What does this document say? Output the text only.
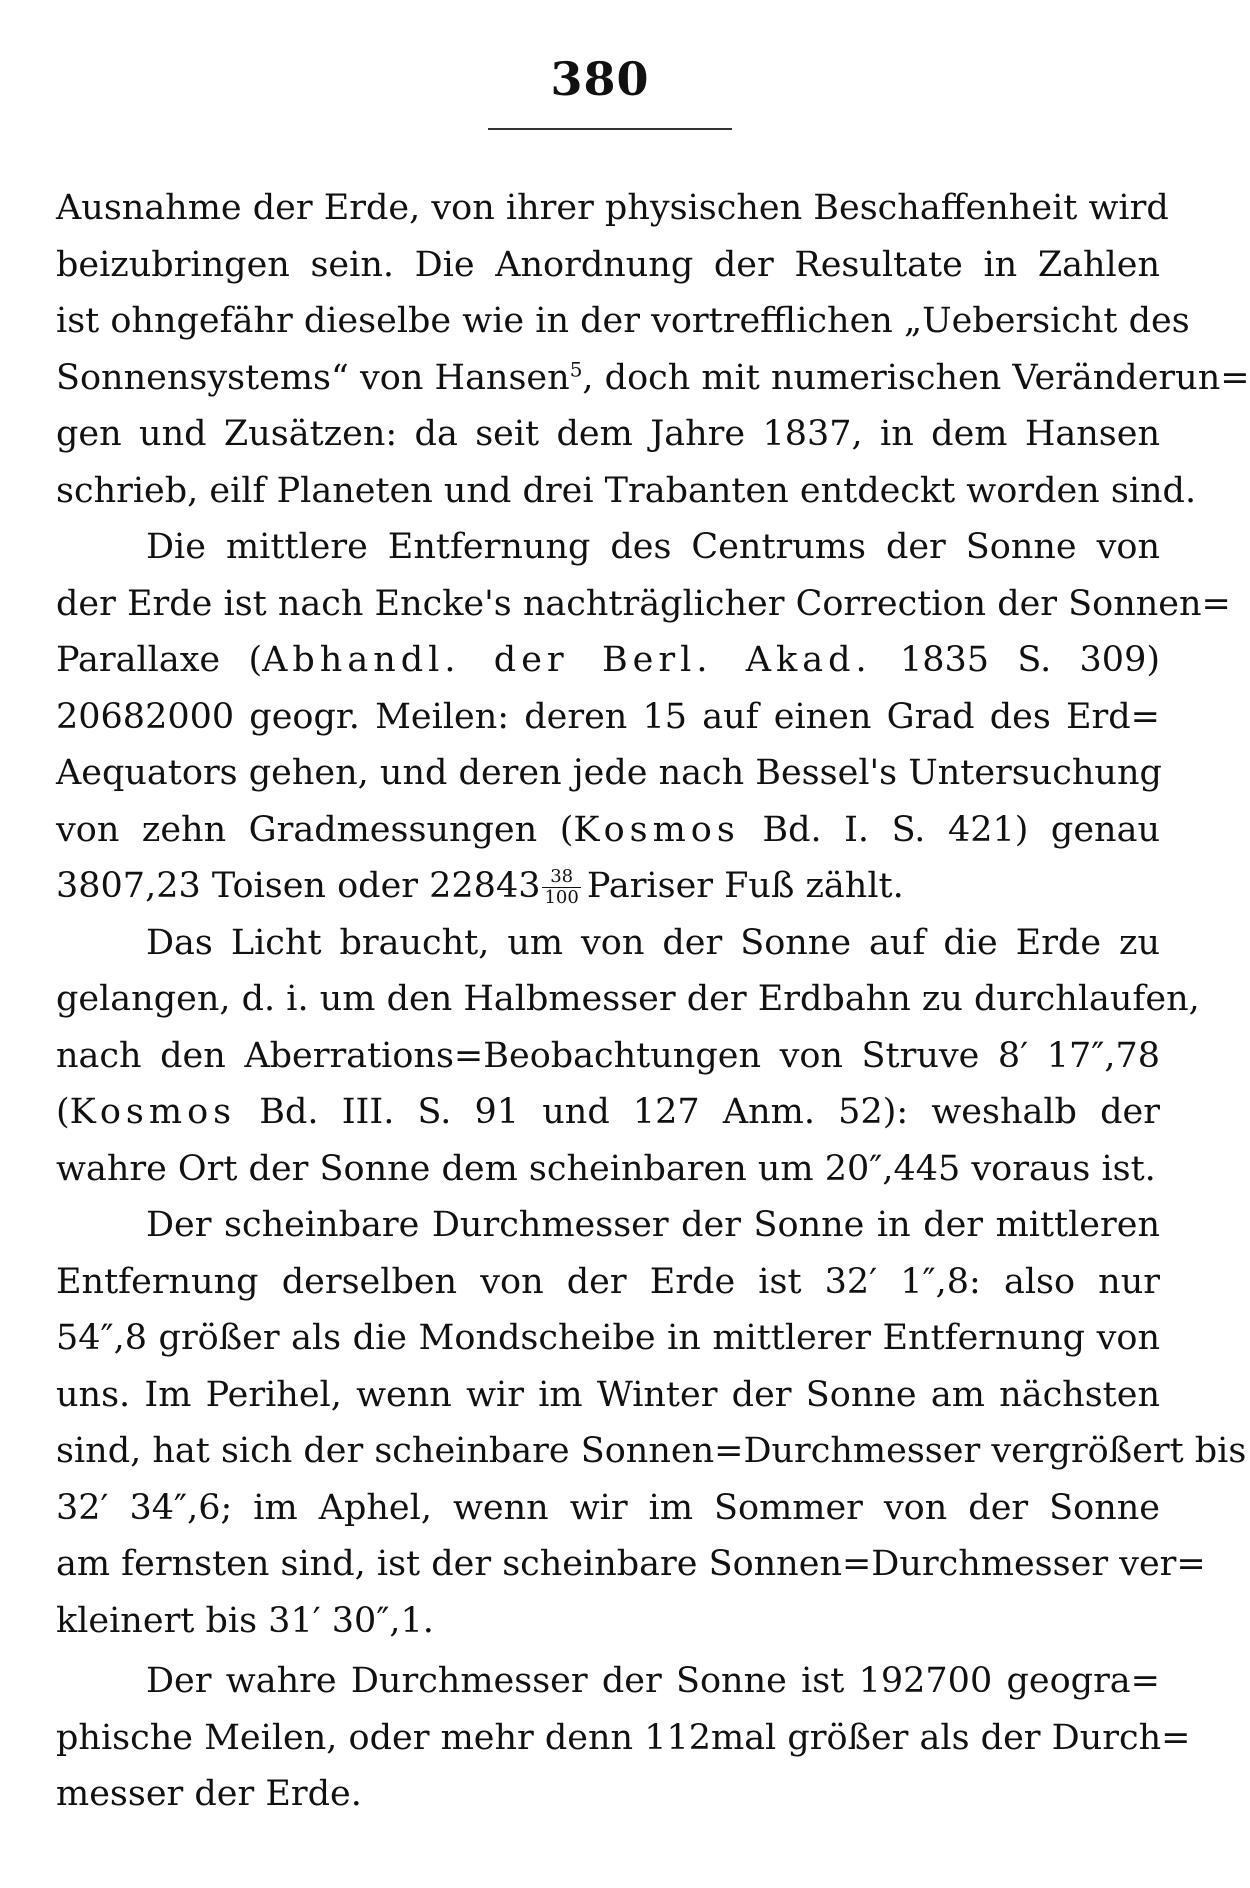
380
Ausnahme der Erde, von ihrer physischen Beschaffenheit wird
beizubringen sein. Die Anordnung der Resultate in Zahlen
ist ohngefähr dieselbe wie in der vortrefflichen „Uebersicht des
Sonnensystems“ von Hansen$^5$, doch mit numerischen Veränderun=
gen und Zusätzen: da seit dem Jahre 1837, in dem Hansen
schrieb, eilf Planeten und drei Trabanten entdeckt worden sind.
Die mittlere Entfernung des Centrums der Sonne von
der Erde ist nach Encke's nachträglicher Correction der Sonnen=
Parallaxe (Abhandl. der Berl. Akad. 1835 S. 309)
20682000 geogr. Meilen: deren 15 auf einen Grad des Erd=
Aequators gehen, und deren jede nach Bessel's Untersuchung
von zehn Gradmessungen (Kosmos Bd. I. S. 421) genau
3807,23 Toisen oder $22843 \frac{38}{100}$ Pariser Fuß zählt.
Das Licht braucht, um von der Sonne auf die Erde zu
gelangen, d. i. um den Halbmesser der Erdbahn zu durchlaufen,
nach den Aberrations=Beobachtungen von Struve 8′ 17″,78
(Kosmos Bd. III. S. 91 und 127 Anm. 52): weshalb der
wahre Ort der Sonne dem scheinbaren um 20″,445 voraus ist.
Der scheinbare Durchmesser der Sonne in der mittleren
Entfernung derselben von der Erde ist 32′ 1″,8: also nur
54″,8 größer als die Mondscheibe in mittlerer Entfernung von
uns. Im Perihel, wenn wir im Winter der Sonne am nächsten
sind, hat sich der scheinbare Sonnen=Durchmesser vergrößert bis
32′ 34″,6; im Aphel, wenn wir im Sommer von der Sonne
am fernsten sind, ist der scheinbare Sonnen=Durchmesser ver=
kleinert bis 31′ 30″,1.
Der wahre Durchmesser der Sonne ist 192700 geogra=
phische Meilen, oder mehr denn 112mal größer als der Durch=
messer der Erde.
